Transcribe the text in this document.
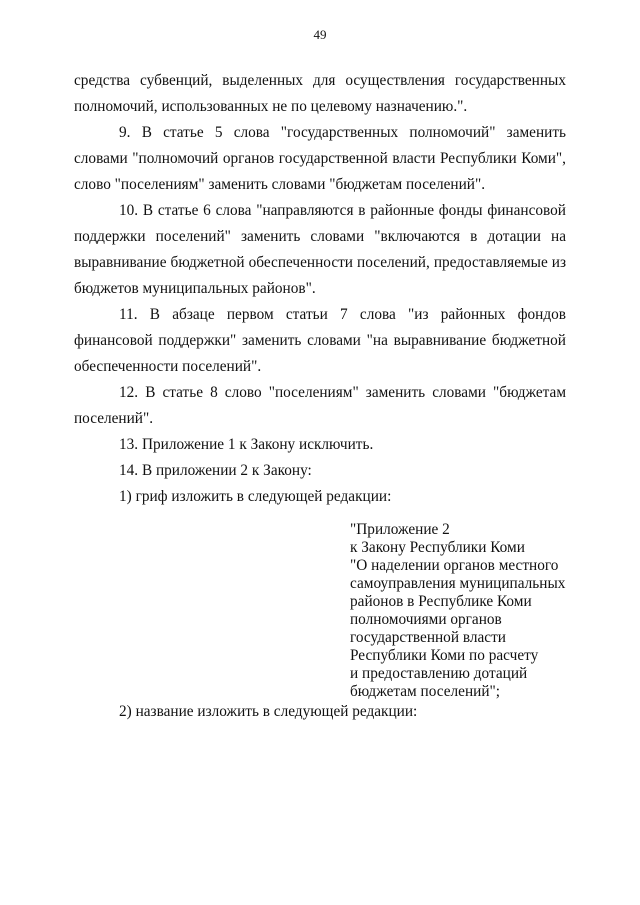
49

средства субвенций, выделенных для осуществления государственных полномочий, использованных не по целевому назначению.".

9. В статье 5 слова "государственных полномочий" заменить словами "полномочий органов государственной власти Республики Коми", слово "поселениям" заменить словами "бюджетам поселений".

10. В статье 6 слова "направляются в районные фонды финансовой поддержки поселений" заменить словами "включаются в дотации на выравнивание бюджетной обеспеченности поселений, предоставляемые из бюджетов муниципальных районов".

11. В абзаце первом статьи 7 слова "из районных фондов финансовой поддержки" заменить словами "на выравнивание бюджетной обеспеченности поселений".

12. В статье 8 слово "поселениям" заменить словами "бюджетам поселений".

13. Приложение 1 к Закону исключить.

14. В приложении 2 к Закону:

1) гриф изложить в следующей редакции:

"Приложение 2
к Закону Республики Коми
"О наделении органов местного
самоуправления муниципальных
районов в Республике Коми
полномочиями органов
государственной власти
Республики Коми по расчету
и предоставлению дотаций
бюджетам поселений";

2) название изложить в следующей редакции:
